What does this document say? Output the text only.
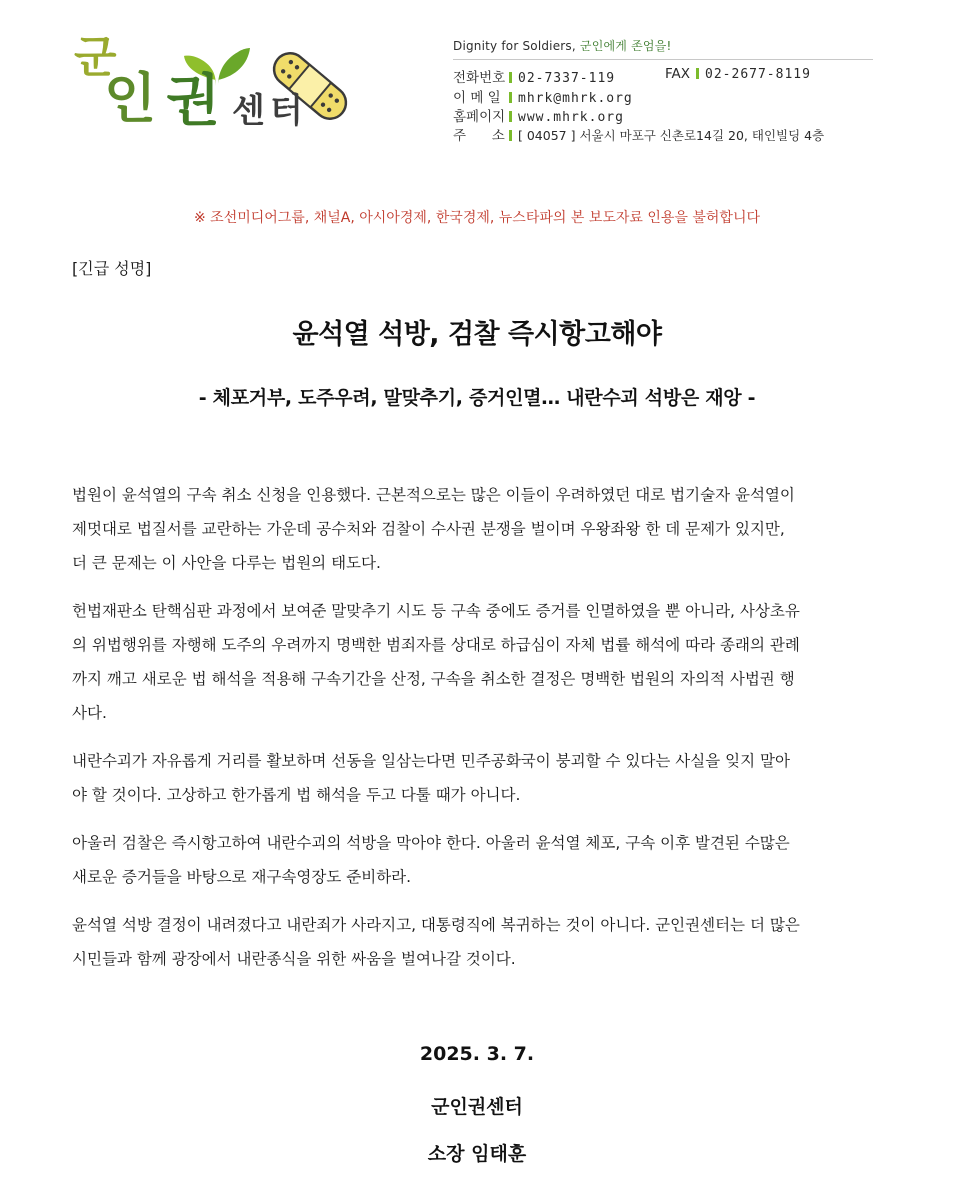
군
인 권 센 터
Dignity for Soldiers, 군인에게 존엄을!
전화번호 02-7337-119	FAX 02-2677-8119
이 메 일 mhrk@mhrk.org
홈페이지 www.mhrk.org
주      소 [ 04057 ] 서울시 마포구 신촌로14길 20, 태인빌딩 4층
※ 조선미디어그룹, 채널A, 아시아경제, 한국경제, 뉴스타파의 본 보도자료 인용을 불허합니다
[긴급 성명]
윤석열 석방, 검찰 즉시항고해야
- 체포거부, 도주우려, 말맞추기, 증거인멸… 내란수괴 석방은 재앙 -

법원이 윤석열의 구속 취소 신청을 인용했다. 근본적으로는 많은 이들이 우려하였던 대로 법기술자 윤석열이
제멋대로 법질서를 교란하는 가운데 공수처와 검찰이 수사권 분쟁을 벌이며 우왕좌왕 한 데 문제가 있지만,
더 큰 문제는 이 사안을 다루는 법원의 태도다.

헌법재판소 탄핵심판 과정에서 보여준 말맞추기 시도 등 구속 중에도 증거를 인멸하였을 뿐 아니라, 사상초유
의 위법행위를 자행해 도주의 우려까지 명백한 범죄자를 상대로 하급심이 자체 법률 해석에 따라 종래의 관례
까지 깨고 새로운 법 해석을 적용해 구속기간을 산정, 구속을 취소한 결정은 명백한 법원의 자의적 사법권 행
사다.

내란수괴가 자유롭게 거리를 활보하며 선동을 일삼는다면 민주공화국이 붕괴할 수 있다는 사실을 잊지 말아
야 할 것이다. 고상하고 한가롭게 법 해석을 두고 다툴 때가 아니다.

아울러 검찰은 즉시항고하여 내란수괴의 석방을 막아야 한다. 아울러 윤석열 체포, 구속 이후 발견된 수많은
새로운 증거들을 바탕으로 재구속영장도 준비하라.

윤석열 석방 결정이 내려졌다고 내란죄가 사라지고, 대통령직에 복귀하는 것이 아니다. 군인권센터는 더 많은
시민들과 함께 광장에서 내란종식을 위한 싸움을 벌여나갈 것이다.

2025. 3. 7.
군인권센터
소장 임태훈
